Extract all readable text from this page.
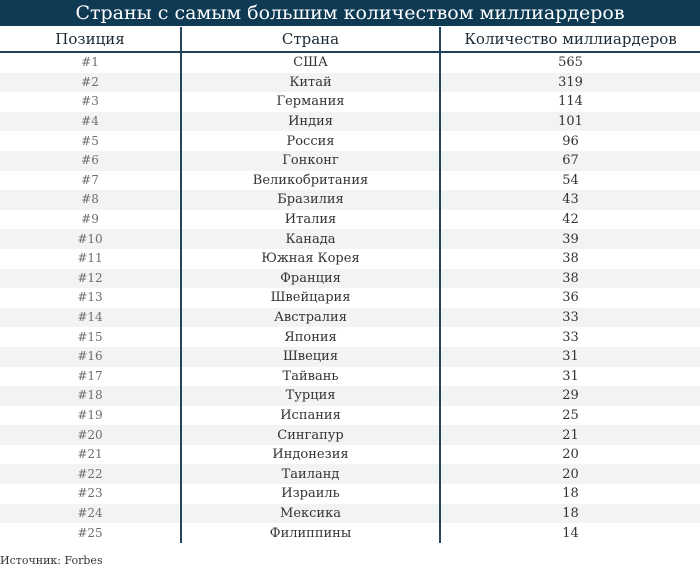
Страны с самым большим количеством миллиардеров
Позиция	Страна	Количество миллиардеров
#1	США	565
#2	Китай	319
#3	Германия	114
#4	Индия	101
#5	Россия	96
#6	Гонконг	67
#7	Великобритания	54
#8	Бразилия	43
#9	Италия	42
#10	Канада	39
#11	Южная Корея	38
#12	Франция	38
#13	Швейцария	36
#14	Австралия	33
#15	Япония	33
#16	Швеция	31
#17	Тайвань	31
#18	Турция	29
#19	Испания	25
#20	Сингапур	21
#21	Индонезия	20
#22	Таиланд	20
#23	Израиль	18
#24	Мексика	18
#25	Филиппины	14
Источник: Forbes
